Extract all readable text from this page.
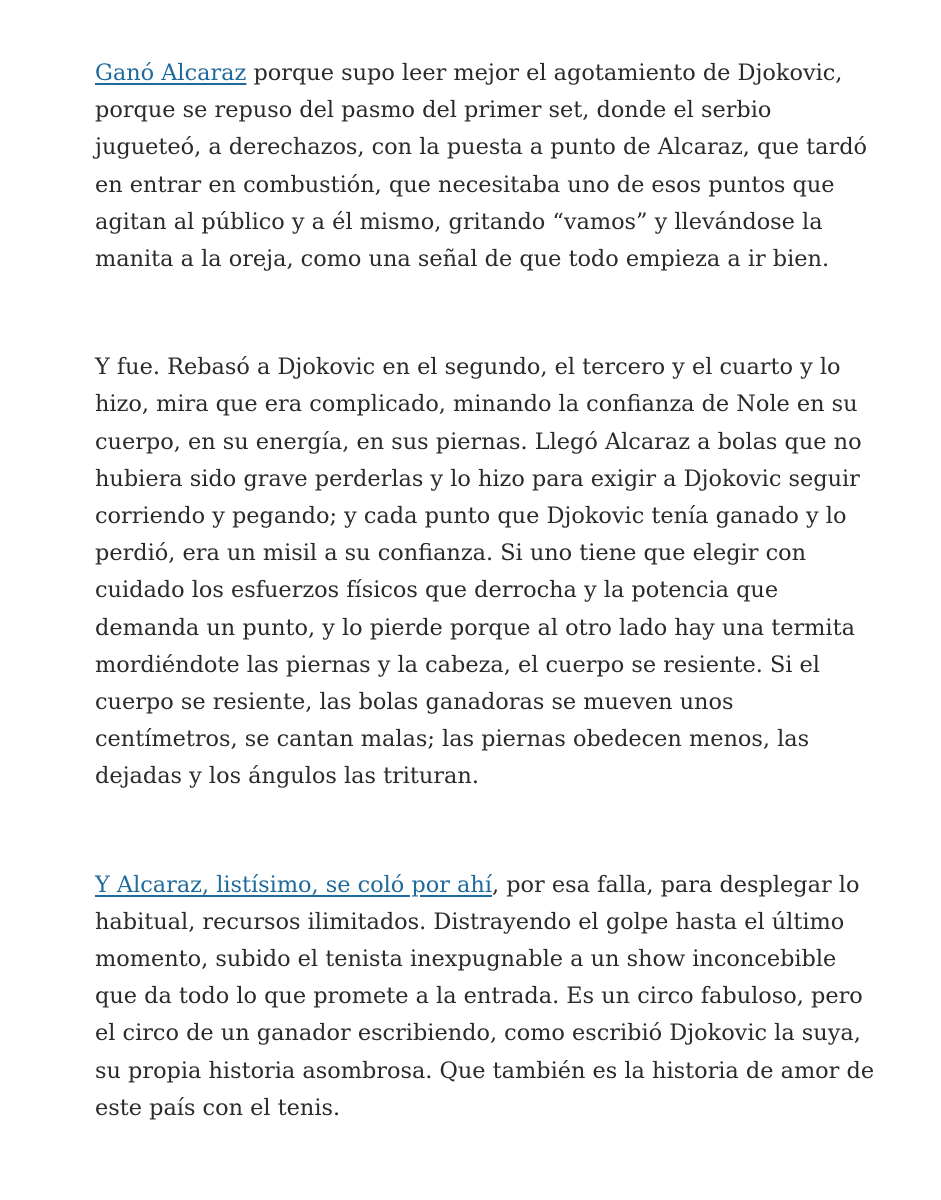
Ganó Alcaraz porque supo leer mejor el agotamiento de Djokovic, porque se repuso del pasmo del primer set, donde el serbio jugueteó, a derechazos, con la puesta a punto de Alcaraz, que tardó en entrar en combustión, que necesitaba uno de esos puntos que agitan al público y a él mismo, gritando “vamos” y llevándose la manita a la oreja, como una señal de que todo empieza a ir bien.

Y fue. Rebasó a Djokovic en el segundo, el tercero y el cuarto y lo hizo, mira que era complicado, minando la confianza de Nole en su cuerpo, en su energía, en sus piernas. Llegó Alcaraz a bolas que no hubiera sido grave perderlas y lo hizo para exigir a Djokovic seguir corriendo y pegando; y cada punto que Djokovic tenía ganado y lo perdió, era un misil a su confianza. Si uno tiene que elegir con cuidado los esfuerzos físicos que derrocha y la potencia que demanda un punto, y lo pierde porque al otro lado hay una termita mordiéndote las piernas y la cabeza, el cuerpo se resiente. Si el cuerpo se resiente, las bolas ganadoras se mueven unos centímetros, se cantan malas; las piernas obedecen menos, las dejadas y los ángulos las trituran.

Y Alcaraz, listísimo, se coló por ahí, por esa falla, para desplegar lo habitual, recursos ilimitados. Distrayendo el golpe hasta el último momento, subido el tenista inexpugnable a un show inconcebible que da todo lo que promete a la entrada. Es un circo fabuloso, pero el circo de un ganador escribiendo, como escribió Djokovic la suya, su propia historia asombrosa. Que también es la historia de amor de este país con el tenis.
